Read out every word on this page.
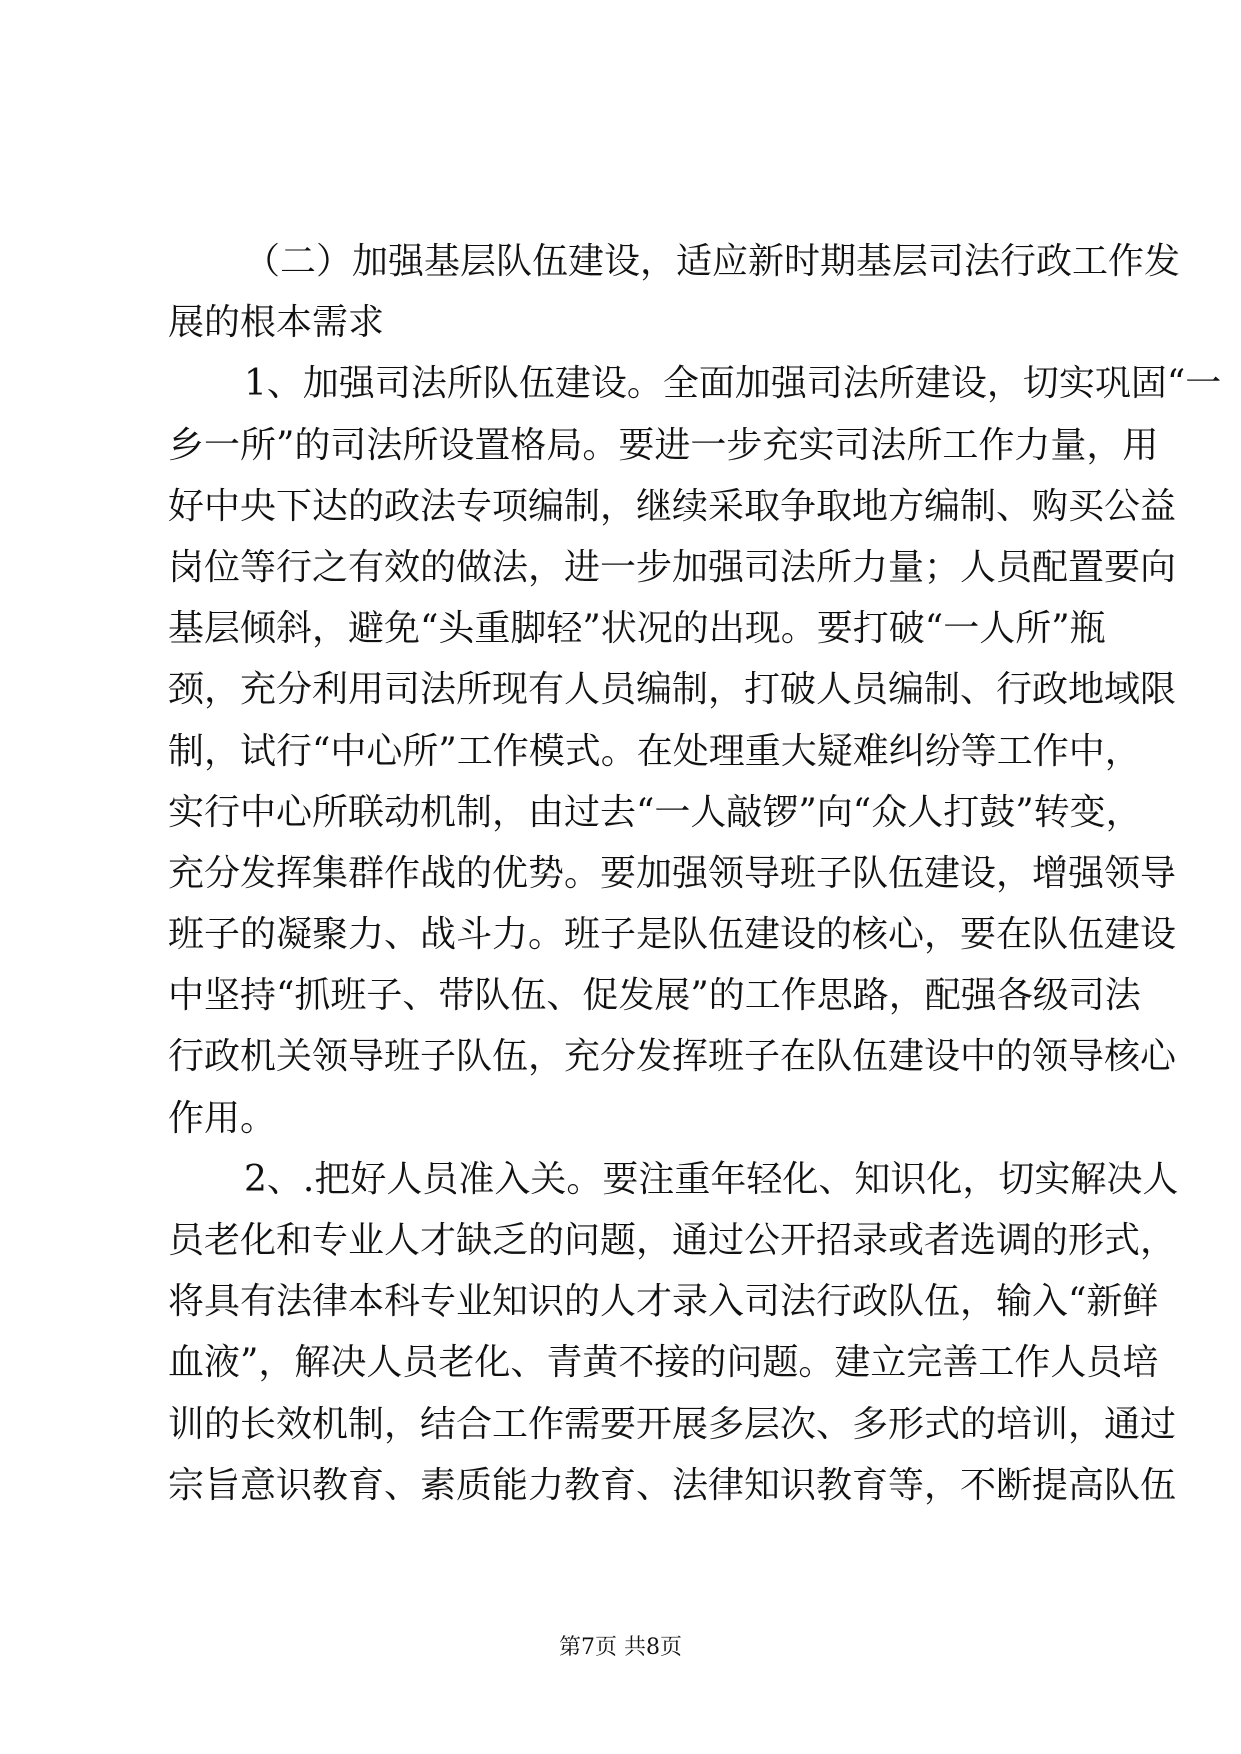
（二）加强基层队伍建设，适应新时期基层司法行政工作发
展的根本需求
1、加强司法所队伍建设。全面加强司法所建设，切实巩固“一
乡一所”的司法所设置格局。要进一步充实司法所工作力量，用
好中央下达的政法专项编制，继续采取争取地方编制、购买公益
岗位等行之有效的做法，进一步加强司法所力量；人员配置要向
基层倾斜，避免“头重脚轻”状况的出现。要打破“一人所”瓶
颈，充分利用司法所现有人员编制，打破人员编制、行政地域限
制，试行“中心所”工作模式。在处理重大疑难纠纷等工作中，
实行中心所联动机制，由过去“一人敲锣”向“众人打鼓”转变，
充分发挥集群作战的优势。要加强领导班子队伍建设，增强领导
班子的凝聚力、战斗力。班子是队伍建设的核心，要在队伍建设
中坚持“抓班子、带队伍、促发展”的工作思路，配强各级司法
行政机关领导班子队伍，充分发挥班子在队伍建设中的领导核心
作用。
2、.把好人员准入关。要注重年轻化、知识化，切实解决人
员老化和专业人才缺乏的问题，通过公开招录或者选调的形式，
将具有法律本科专业知识的人才录入司法行政队伍，输入“新鲜
血液”，解决人员老化、青黄不接的问题。建立完善工作人员培
训的长效机制，结合工作需要开展多层次、多形式的培训，通过
宗旨意识教育、素质能力教育、法律知识教育等，不断提高队伍
第7页 共8页
